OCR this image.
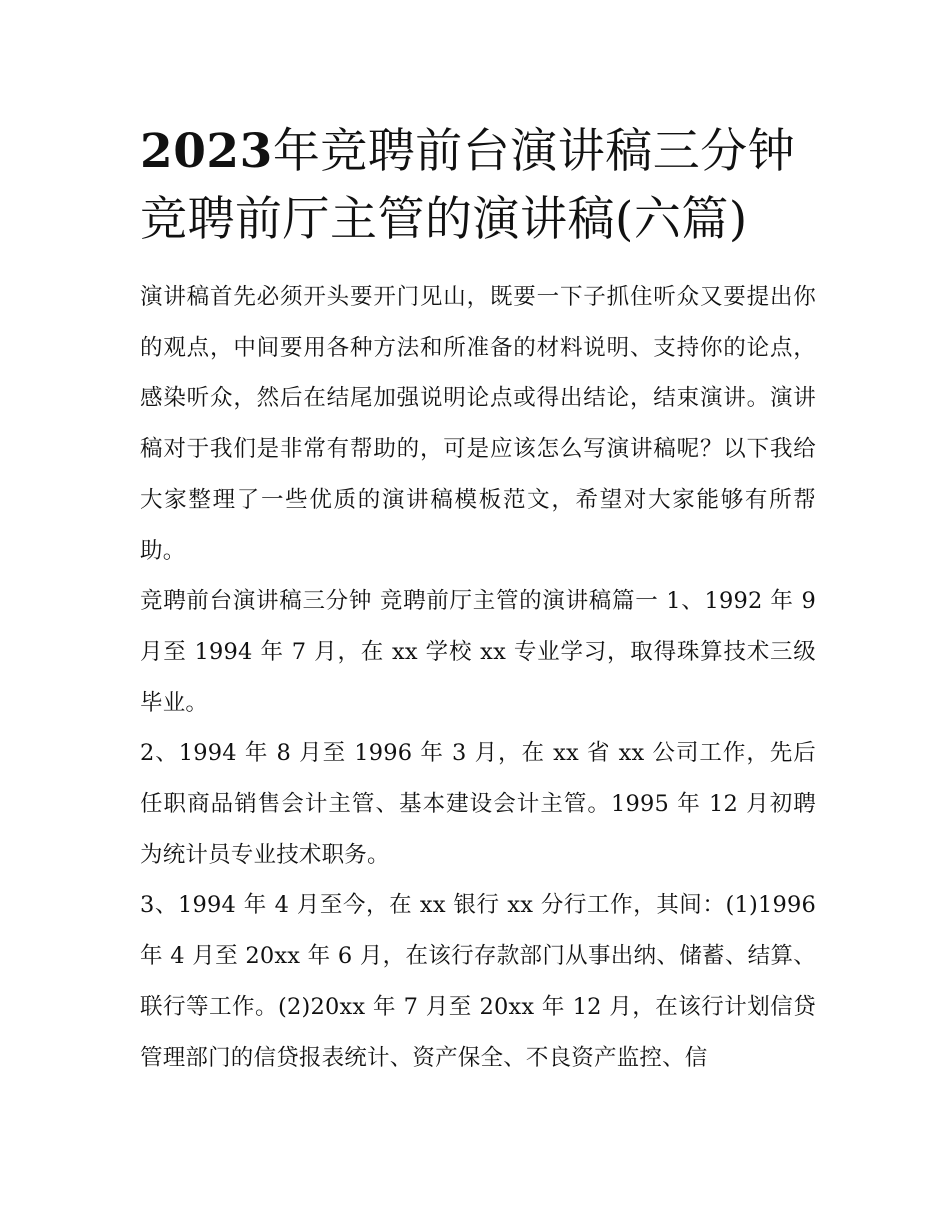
2023年竞聘前台演讲稿三分钟竞聘前厅主管的演讲稿(六篇)

演讲稿首先必须开头要开门见山，既要一下子抓住听众又要提出你的观点，中间要用各种方法和所准备的材料说明、支持你的论点，感染听众，然后在结尾加强说明论点或得出结论，结束演讲。演讲稿对于我们是非常有帮助的，可是应该怎么写演讲稿呢？以下我给大家整理了一些优质的演讲稿模板范文，希望对大家能够有所帮助。

竞聘前台演讲稿三分钟 竞聘前厅主管的演讲稿篇一 1、1992 年 9 月至 1994 年 7 月，在 xx 学校 xx 专业学习，取得珠算技术三级毕业。

2、1994 年 8 月至 1996 年 3 月，在 xx 省 xx 公司工作，先后任职商品销售会计主管、基本建设会计主管。1995 年 12 月初聘为统计员专业技术职务。

3、1994 年 4 月至今，在 xx 银行 xx 分行工作，其间：(1)1996 年 4 月至 20xx 年 6 月，在该行存款部门从事出纳、储蓄、结算、联行等工作。(2)20xx 年 7 月至 20xx 年 12 月，在该行计划信贷管理部门的信贷报表统计、资产保全、不良资产监控、信
